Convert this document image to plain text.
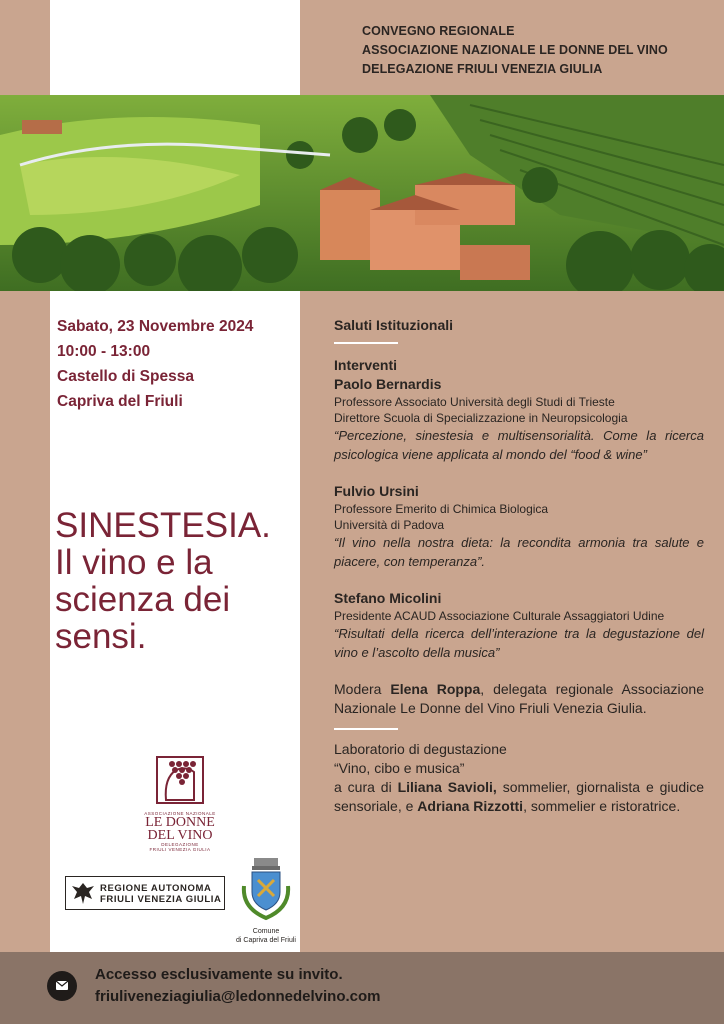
CONVEGNO REGIONALE
ASSOCIAZIONE NAZIONALE LE DONNE DEL VINO
DELEGAZIONE FRIULI VENEZIA GIULIA
Sabato, 23 Novembre 2024
10:00 - 13:00
Castello di Spessa
Capriva del Friuli
SINESTESIA.
Il vino e la
scienza dei
sensi.
ASSOCIAZIONE NAZIONALE
LE DONNE
DEL VINO
DELEGAZIONE
FRIULI VENEZIA GIULIA
REGIONE AUTONOMA
FRIULI VENEZIA GIULIA
Comune
di Capriva del Friuli
Saluti Istituzionali
Interventi
Paolo Bernardis
Professore Associato Università degli Studi di Trieste
Direttore Scuola di Specializzazione in Neuropsicologia
“Percezione, sinestesia e multisensorialità. Come la ricerca psicologica viene applicata al mondo del “food & wine”
Fulvio Ursini
Professore Emerito di Chimica Biologica
Università di Padova
“Il vino nella nostra dieta: la recondita armonia tra salute e piacere, con temperanza”.
Stefano Micolini
Presidente ACAUD Associazione Culturale Assaggiatori Udine
“Risultati della ricerca dell’interazione tra la degustazione del vino e l’ascolto della musica”
Modera Elena Roppa, delegata regionale Associazione Nazionale Le Donne del Vino Friuli Venezia Giulia.
Laboratorio di degustazione
“Vino, cibo e musica”
a cura di Liliana Savioli, sommelier, giornalista e giudice sensoriale, e Adriana Rizzotti, sommelier e ristoratrice.
Accesso esclusivamente su invito.
friuliveneziagiulia@ledonnedelvino.com
